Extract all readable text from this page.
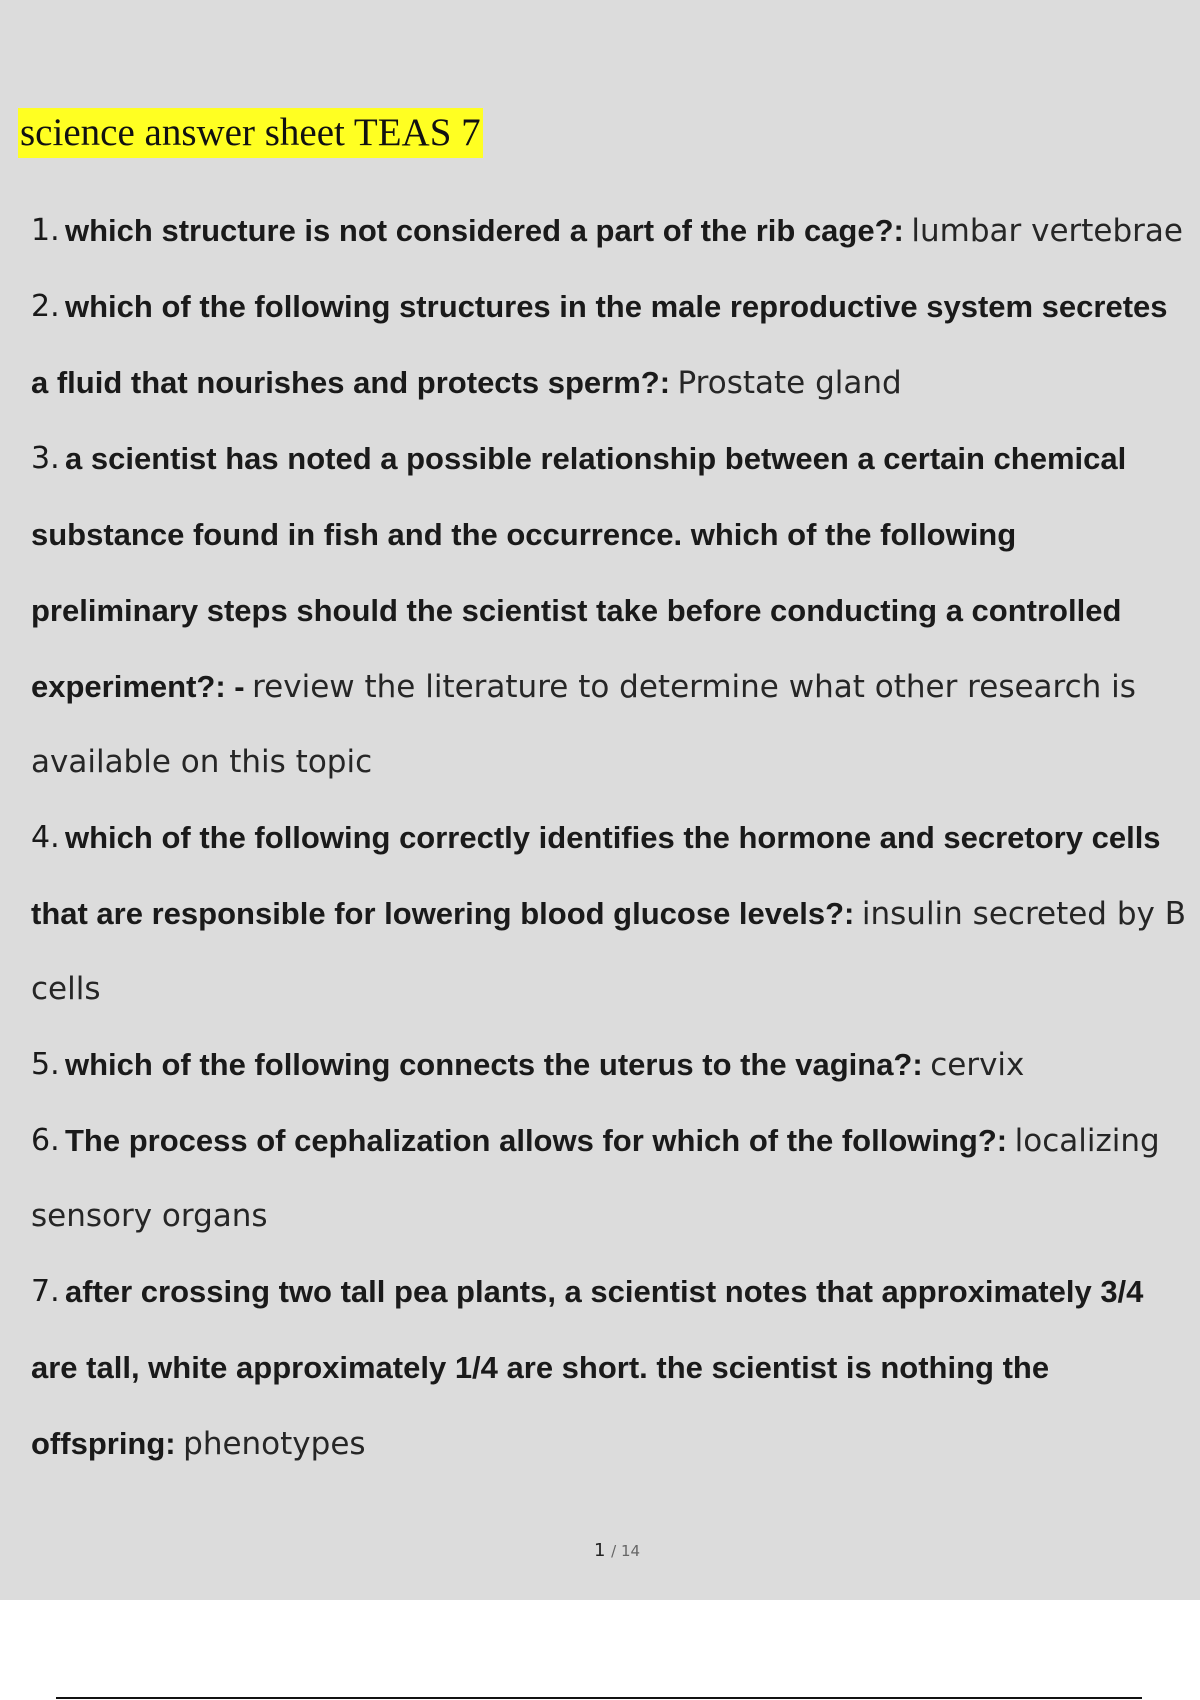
science answer sheet TEAS 7
1. which structure is not considered a part of the rib cage?: lumbar vertebrae
2. which of the following structures in the male reproductive system secretes a fluid that nourishes and protects sperm?: Prostate gland
3. a scientist has noted a possible relationship between a certain chemical substance found in fish and the occurrence. which of the following preliminary steps should the scientist take before conducting a controlled experiment?: - review the literature to determine what other research is available on this topic
4. which of the following correctly identifies the hormone and secretory cells that are responsible for lowering blood glucose levels?: insulin secreted by B cells
5. which of the following connects the uterus to the vagina?: cervix
6. The process of cephalization allows for which of the following?: localizing sensory organs
7. after crossing two tall pea plants, a scientist notes that approximately 3/4 are tall, white approximately 1/4 are short. the scientist is nothing the offspring: phenotypes
1 / 14
